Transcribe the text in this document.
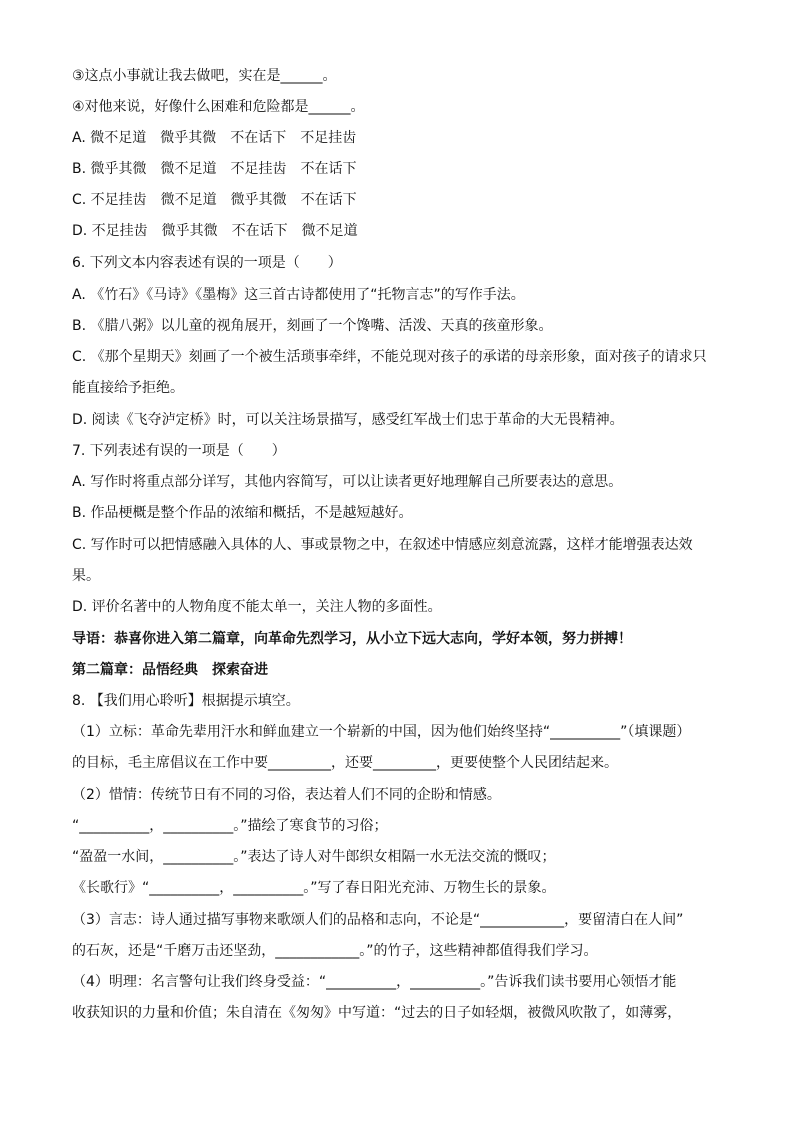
③这点小事就让我去做吧，实在是______。
④对他来说，好像什么困难和危险都是______。
A. 微不足道　微乎其微　不在话下　不足挂齿
B. 微乎其微　微不足道　不足挂齿　不在话下
C. 不足挂齿　微不足道　微乎其微　不在话下
D. 不足挂齿　微乎其微　不在话下　微不足道
6. 下列文本内容表述有误的一项是（　　）
A. 《竹石》《马诗》《墨梅》这三首古诗都使用了“托物言志”的写作手法。
B. 《腊八粥》以儿童的视角展开，刻画了一个馋嘴、活泼、天真的孩童形象。
C. 《那个星期天》刻画了一个被生活琐事牵绊，不能兑现对孩子的承诺的母亲形象，面对孩子的请求只
能直接给予拒绝。
D. 阅读《飞夺泸定桥》时，可以关注场景描写，感受红军战士们忠于革命的大无畏精神。
7. 下列表述有误的一项是（　　）
A. 写作时将重点部分详写，其他内容简写，可以让读者更好地理解自己所要表达的意思。
B. 作品梗概是整个作品的浓缩和概括，不是越短越好。
C. 写作时可以把情感融入具体的人、事或景物之中，在叙述中情感应刻意流露，这样才能增强表达效
果。
D. 评价名著中的人物角度不能太单一，关注人物的多面性。
导语：恭喜你进入第二篇章，向革命先烈学习，从小立下远大志向，学好本领，努力拼搏！
第二篇章：品悟经典　探索奋进
8. 【我们用心聆听】根据提示填空。
（1）立标：革命先辈用汗水和鲜血建立一个崭新的中国，因为他们始终坚持“__________”（填课题）
的目标，毛主席倡议在工作中要_________，还要_________，更要使整个人民团结起来。
（2）惜情：传统节日有不同的习俗，表达着人们不同的企盼和情感。
“__________，__________。”描绘了寒食节的习俗；
“盈盈一水间，__________。”表达了诗人对牛郎织女相隔一水无法交流的慨叹；
《长歌行》“__________，__________。”写了春日阳光充沛、万物生长的景象。
（3）言志：诗人通过描写事物来歌颂人们的品格和志向，不论是“____________，要留清白在人间”
的石灰，还是“千磨万击还坚劲，____________。”的竹子，这些精神都值得我们学习。
（4）明理：名言警句让我们终身受益：“__________，__________。”告诉我们读书要用心领悟才能
收获知识的力量和价值；朱自清在《匆匆》中写道：“过去的日子如轻烟，被微风吹散了，如薄雾，
